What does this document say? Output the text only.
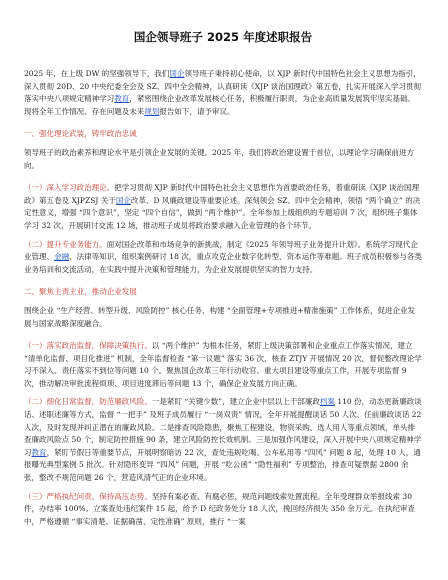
国企领导班子 2025 年度述职报告

2025 年，在上级 DW 的坚强领导下，我们国企领导班子秉持初心使命，以 XJP 新时代中国特色社会主义思想为指引，深入贯彻 20D、20 中央纪委全会及 SZ、四中全会精神，认真研读《XJP 谈治国理政》第五卷，扎实开展深入学习贯彻落实中央八项规定精神学习教育，紧密围绕企业改革发展核心任务，积极履行职责，为企业高质量发展筑牢坚实基础。现将全年工作情况、存在问题及未来规划报告如下，请予审议。

一、强化理论武装，铸牢政治忠诚

领导班子的政治素养和理论水平是引领企业发展的关键。2025 年，我们将政治建设置于首位，以理论学习确保前进方向。

（一）深入学习政治理论。把学习贯彻 XJP 新时代中国特色社会主义思想作为首要政治任务，着重研读《XJP 谈治国理政》第五卷及 XJPZSJ 关于国企改革、D 风廉政建设等重要论述。深刻领会 SZ、四中全会精神，领悟 “两个确立” 的决定性意义，增强 “四个意识”，坚定 “四个自信”，做到 “两个维护”。全年参加上级组织的专题培训 7 次，组织班子集体学习 32 次，开展研讨交流 12 场，推动班子成员将政治要求融入企业管理的各个环节。

（二）提升专业务能力。面对国企改革和市场竞争的新挑战，制定《2025 年领导班子业务提升计划》。系统学习现代企业管理、金融、法律等知识，组织案例研讨 18 次，重点攻克企业数字化转型、资本运作等难题。班子成员积极参与各类业务培训和交流活动，在实践中提升决策和管理能力，为企业发展提供坚实的智力支持。

二、聚焦主责主业，推动企业发展

围绕企业 “生产经营、转型升级、风险防控” 核心任务，构建 “全面管理+专项推进+精准施策” 工作体系，促进企业发展与国家战略深度融合。

（一）落实政治监督，保障决策执行。以 “两个维护” 为根本任务，紧盯上级决策部署和企业重点工作落实情况，建立 “清单化监督、项目化推进” 机制，全年监督检查 “第一议题” 落实 36 次，核查 ZTJY 开展情况 20 次，督促整改理论学习不深入、责任落实不到位等问题 10 个。聚焦国企改革三年行动收官、重大项目建设等重点工作，开展专项监督 9 次，推动解决审批流程烦琐、项目进度滞后等问题 13 个，确保企业发展方向正确。

（二）细化日常监督，防范廉政风险。一是紧盯 “关键少数”，建立企业中层以上干部廉政档案 110 份，动态更新廉政谈话、述职述廉等方式，监督 “一把手” 及班子成员履行 “一岗双责” 情况，全年开展提醒谈话 50 人次、任前廉政谈话 22 人次，及时发现并纠正潜在的廉政风险。二是排查风险隐患，聚焦工程建设、物资采购、选人用人等重点领域，单头排查廉政风险点 50 个，制定防控措施 90 条，建立风险防控长效机制。三是加强作风建设，深入开展中央八项规定精神学习教育，紧盯节假日等重要节点，开展明察暗访 22 次，查处违规吃喝、公车私用等 “四风” 问题 8 起，处理 10 人，通报曝光典型案例 5 批次。针对隐形变异 “四风” 问题，开展 “吃公函” “隐性福利” 专项整治，排查可疑票据 2800 余张，整改不规范问题 26 个，营造风清气正的企业环境。

（三）严格执纪问责。保持高压态势。坚持有案必查、有腐必惩，规范问题线索处置流程。全年受理群众举报线索 30 件，办结率 100%。立案查处违纪案件 15 起，给予 D 纪政务处分 18 人次，挽回经济损失 350 余万元。在执纪审查中，严格遵循 “事实清楚、证据确凿、定性准确” 原则，推行 “一案
